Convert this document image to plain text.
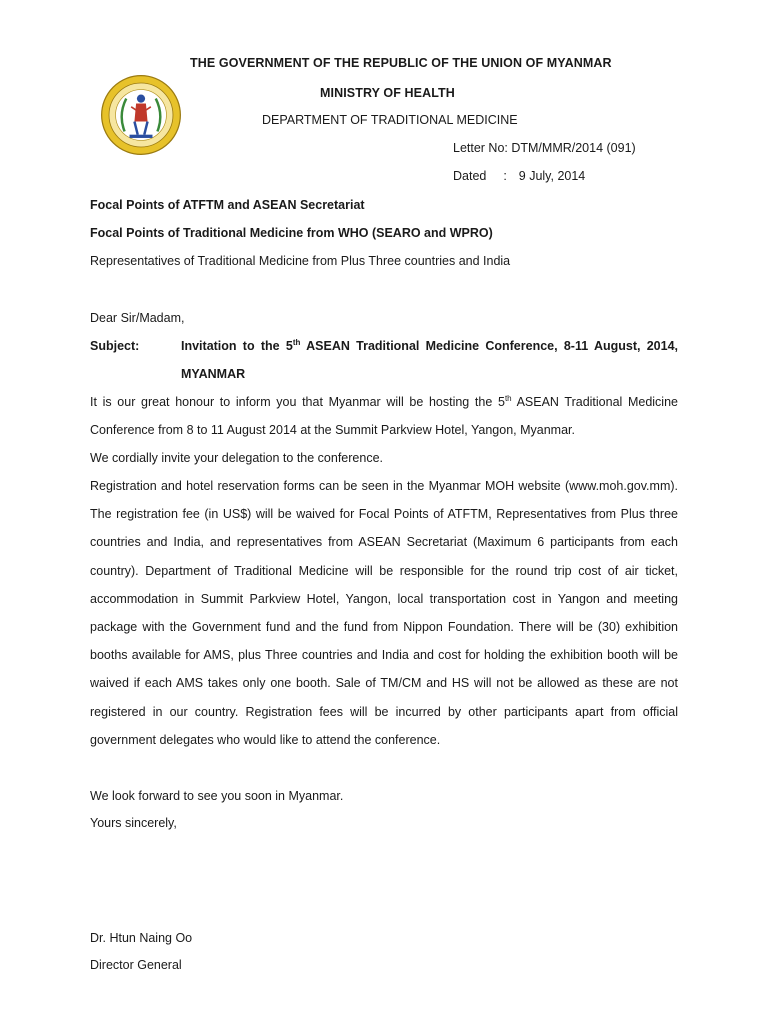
THE GOVERNMENT OF THE REPUBLIC OF THE UNION OF MYANMAR
MINISTRY OF HEALTH
DEPARTMENT OF TRADITIONAL MEDICINE
Letter No: DTM/MMR/2014 (091)
Dated : 9 July, 2014
Focal Points of ATFTM and ASEAN Secretariat
Focal Points of Traditional Medicine from WHO (SEARO and WPRO)
Representatives of Traditional Medicine from Plus Three countries and India
Dear Sir/Madam,
Subject:	Invitation to the 5th ASEAN Traditional Medicine Conference, 8-11 August, 2014,
MYANMAR
It is our great honour to inform you that Myanmar will be hosting the 5th ASEAN Traditional Medicine Conference from 8 to 11 August 2014 at the Summit Parkview Hotel, Yangon, Myanmar.
We cordially invite your delegation to the conference.
Registration and hotel reservation forms can be seen in the Myanmar MOH website (www.moh.gov.mm). The registration fee (in US$) will be waived for Focal Points of ATFTM, Representatives from Plus three countries and India, and representatives from ASEAN Secretariat (Maximum 6 participants from each country). Department of Traditional Medicine will be responsible for the round trip cost of air ticket, accommodation in Summit Parkview Hotel, Yangon, local transportation cost in Yangon and meeting package with the Government fund and the fund from Nippon Foundation. There will be (30) exhibition booths available for AMS, plus Three countries and India and cost for holding the exhibition booth will be waived if each AMS takes only one booth. Sale of TM/CM and HS will not be allowed as these are not registered in our country. Registration fees will be incurred by other participants apart from official government delegates who would like to attend the conference.
We look forward to see you soon in Myanmar.
Yours sincerely,
Dr. Htun Naing Oo
Director General
